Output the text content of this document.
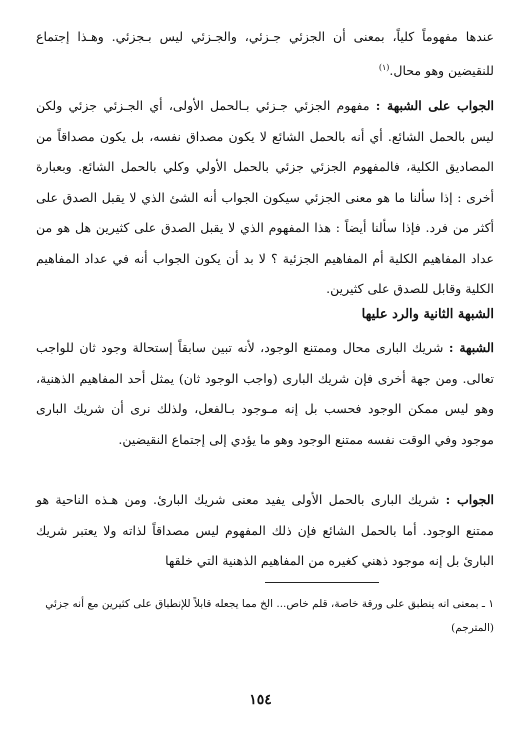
عندها مفهوماً كلياً، بمعنى أن الجزئي جـزئي، والجـزئي ليس بـجزئي. وهـذا إجتماع للنقيضين وهو محال.$^{(١)}$
الجواب على الشبهة : مفهوم الجزئي جـزئي بـالحمل الأولى، أي الجـزئي جزئي ولكن ليس بالحمل الشائع. أي أنه بالحمل الشائع لا يكون مصداق نفسه، بل يكون مصداقاً من المصاديق الكلية، فالمفهوم الجزئي جزئي بالحمل الأولي وكلي بالحمل الشائع. وبعبارة أخرى : إذا سألنا ما هو معنى الجزئي سيكون الجواب أنه الشئ الذي لا يقبل الصدق على أكثر من فرد. فإذا سألنا أيضاً : هذا المفهوم الذي لا يقبل الصدق على كثيرين هل هو من عداد المفاهيم الكلية أم المفاهيم الجزئية ؟ لا بد أن يكون الجواب أنه في عداد المفاهيم الكلية وقابل للصدق على كثيرين.
الشبهة الثانية والرد عليها
الشبهة : شريك البارى محال وممتنع الوجود، لأنه تبين سابقاً إستحالة وجود ثان للواجب تعالى. ومن جهة أخرى فإن شريك البارى (واجب الوجود ثان) يمثل أحد المفاهيم الذهنية، وهو ليس ممكن الوجود فحسب بل إنه مـوجود بـالفعل، ولذلك نرى أن شريك البارى موجود وفي الوقت نفسه ممتنع الوجود وهو ما يؤدي إلى إجتماع النقيضين.
الجواب : شريك البارى بالحمل الأولى يفيد معنى شريك البارئ. ومن هـذه الناحية هو ممتنع الوجود. أما بالحمل الشائع فإن ذلك المفهوم ليس مصداقاً لذاته ولا يعتبر شريك البارئ بل إنه موجود ذهني كغيره من المفاهيم الذهنية التي خلقها
١ ـ بمعنى انه ينطبق على ورقة خاصة، قلم خاص... الخ مما يجعله قابلاً للإنطباق على كثيرين مع أنه جزئي (المترجم)
١٥٤
